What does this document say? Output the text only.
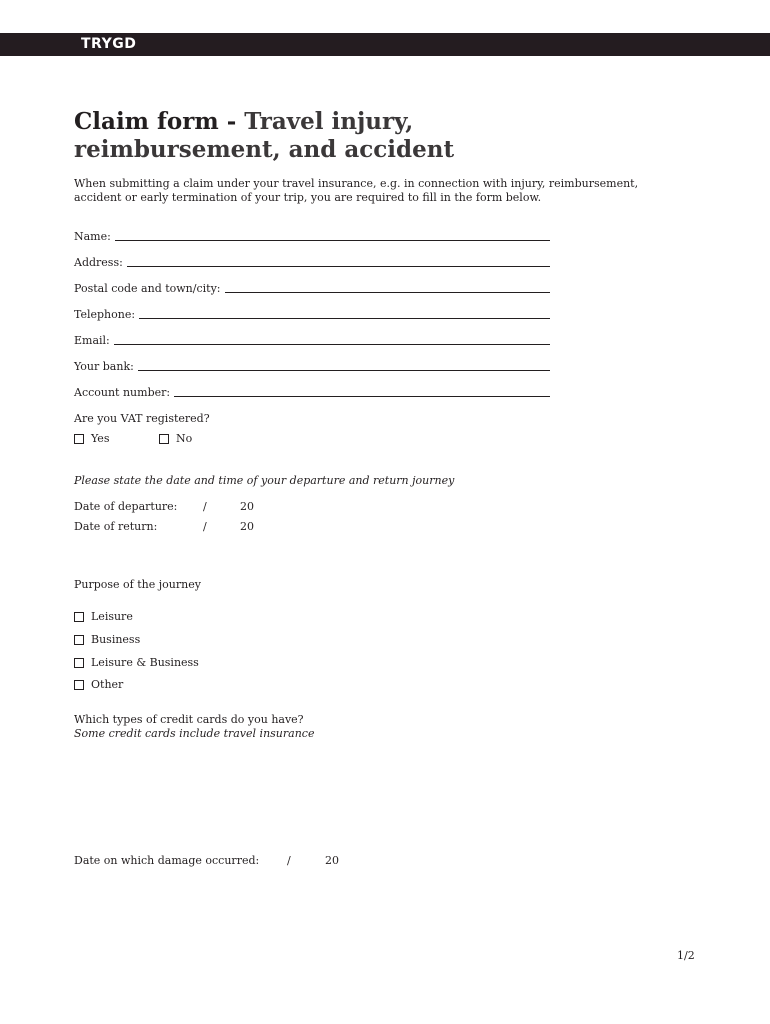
TRYGD
Claim form - Travel injury,
reimbursement, and accident

When submitting a claim under your travel insurance, e.g. in connection with injury, reimbursement, accident or early termination of your trip, you are required to fill in the form below.

Name:
Address:
Postal code and town/city:
Telephone:
Email:
Your bank:
Account number:

Are you VAT registered?

Yes	No

Please state the date and time of your departure and return journey

Date of departure: /	20
Date of return:	/	20

Purpose of the journey

Leisure
Business
Leisure & Business
Other

Which types of credit cards do you have?

Some credit cards include travel insurance

Date on which damage occurred:	/	20
1/2
